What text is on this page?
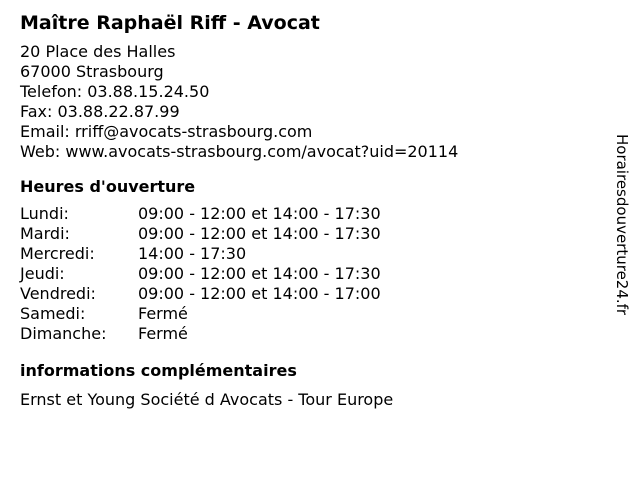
Maître Raphaël Riff - Avocat
20 Place des Halles
67000 Strasbourg
Telefon: 03.88.15.24.50
Fax: 03.88.22.87.99
Email: rriff@avocats-strasbourg.com
Web: www.avocats-strasbourg.com/avocat?uid=20114
Heures d'ouverture
Lundi:	09:00 - 12:00 et 14:00 - 17:30
Mardi:	09:00 - 12:00 et 14:00 - 17:30
Mercredi:	14:00 - 17:30
Jeudi:	09:00 - 12:00 et 14:00 - 17:30
Vendredi:	09:00 - 12:00 et 14:00 - 17:00
Samedi:	Fermé
Dimanche:	Fermé
informations complémentaires
Ernst et Young Société d Avocats - Tour Europe
Horairesdouverture24.fr
